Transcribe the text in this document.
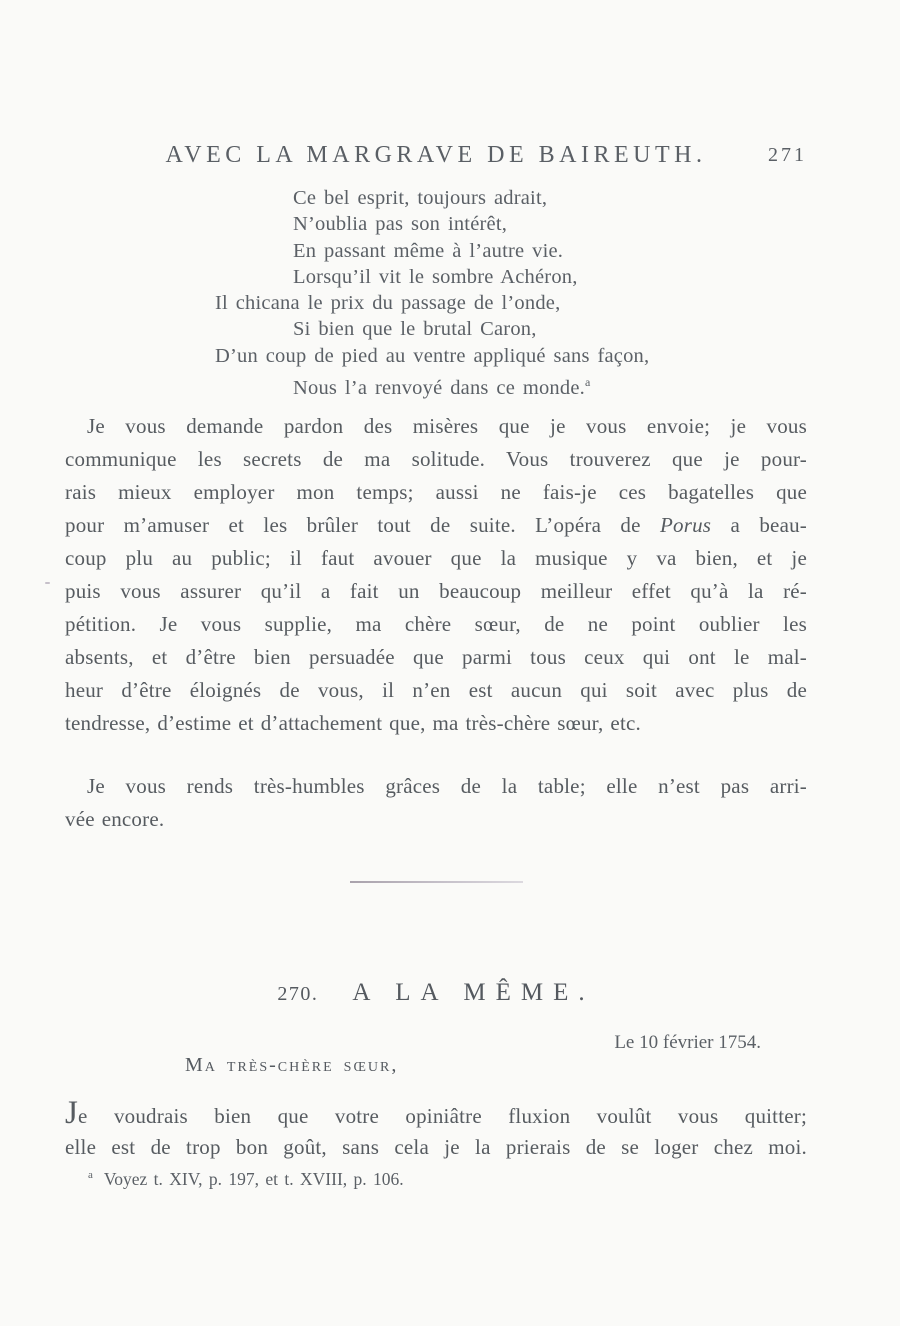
AVEC LA MARGRAVE DE BAIREUTH.	271
Ce bel esprit, toujours adrait,
N’oublia pas son intérêt,
En passant même à l’autre vie.
Lorsqu’il vit le sombre Achéron,
Il chicana le prix du passage de l’onde,
Si bien que le brutal Caron,
D’un coup de pied au ventre appliqué sans façon,
Nous l’a renvoyé dans ce monde.$^a$
Je vous demande pardon des misères que je vous envoie; je vous
communique les secrets de ma solitude. Vous trouverez que je pour-
rais mieux employer mon temps; aussi ne fais-je ces bagatelles que
pour m’amuser et les brûler tout de suite. L’opéra de Porus a beau-
coup plu au public; il faut avouer que la musique y va bien, et je
puis vous assurer qu’il a fait un beaucoup meilleur effet qu’à la ré-
pétition. Je vous supplie, ma chère sœur, de ne point oublier les
absents, et d’être bien persuadée que parmi tous ceux qui ont le mal-
heur d’être éloignés de vous, il n’en est aucun qui soit avec plus de
tendresse, d’estime et d’attachement que, ma très-chère sœur, etc.
Je vous rends très-humbles grâces de la table; elle n’est pas arri-
vée encore.
270. A LA MÊME.
Le 10 février 1754.
Ma très-chère sœur,
Je voudrais bien que votre opiniâtre fluxion voulût vous quitter;
elle est de trop bon goût, sans cela je la prierais de se loger chez moi.
$^a$ Voyez t. XIV, p. 197, et t. XVIII, p. 106.
